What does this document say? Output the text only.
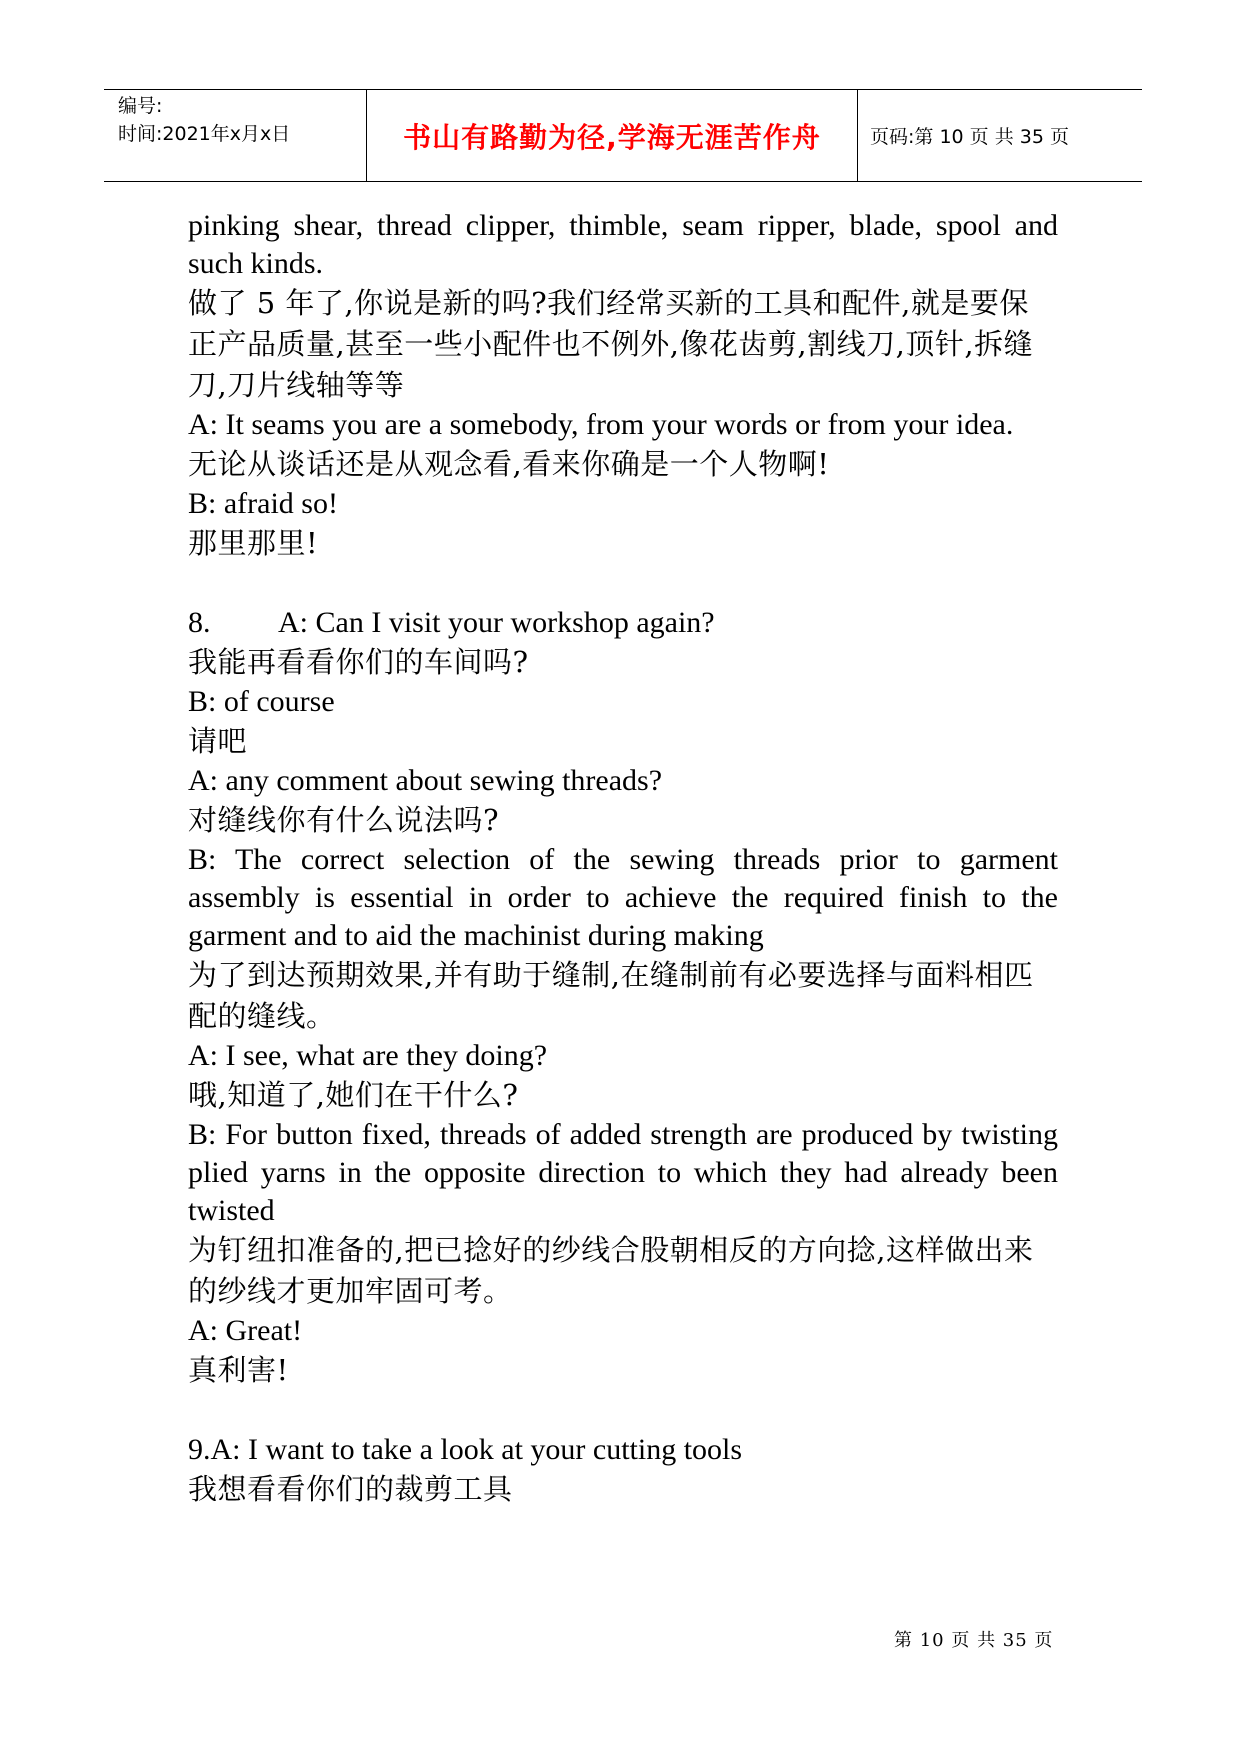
编号:
时间:2021年x月x日	书山有路勤为径,学海无涯苦作舟	页码:第 10 页 共 35 页
pinking shear, thread clipper, thimble, seam ripper, blade, spool and such kinds.
做了 5 年了,你说是新的吗?我们经常买新的工具和配件,就是要保正产品质量,甚至一些小配件也不例外,像花齿剪,割线刀,顶针,拆缝刀,刀片线轴等等
A: It seams you are a somebody, from your words or from your idea.
无论从谈话还是从观念看,看来你确是一个人物啊!
B: afraid so!
那里那里!
8. A: Can I visit your workshop again?
我能再看看你们的车间吗?
B: of course
请吧
A: any comment about sewing threads?
对缝线你有什么说法吗?
B: The correct selection of the sewing threads prior to garment assembly is essential in order to achieve the required finish to the garment and to aid the machinist during making
为了到达预期效果,并有助于缝制,在缝制前有必要选择与面料相匹配的缝线。
A: I see, what are they doing?
哦,知道了,她们在干什么?
B: For button fixed, threads of added strength are produced by twisting plied yarns in the opposite direction to which they had already been twisted
为钉纽扣准备的,把已捻好的纱线合股朝相反的方向捻,这样做出来的纱线才更加牢固可考。
A: Great!
真利害!
9.A: I want to take a look at your cutting tools
我想看看你们的裁剪工具
第 10 页 共 35 页
